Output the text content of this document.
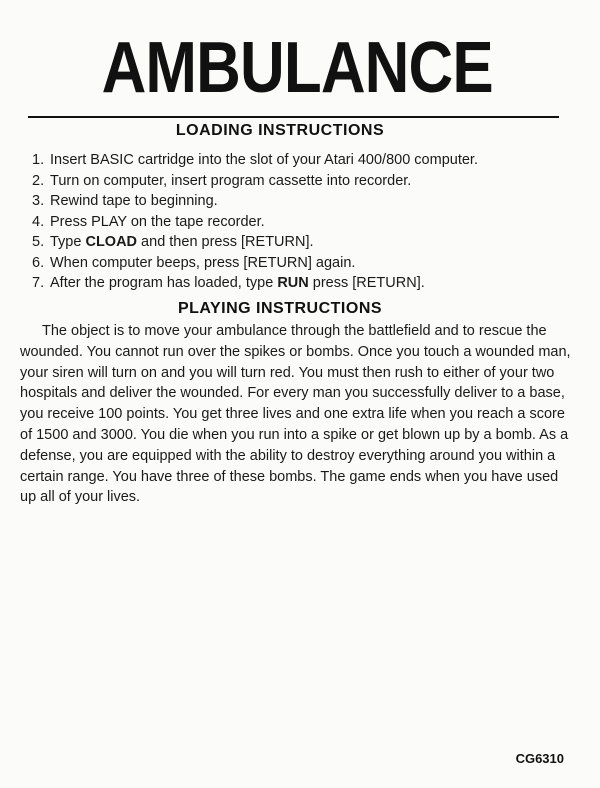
AMBULANCE
LOADING INSTRUCTIONS
1. Insert BASIC cartridge into the slot of your Atari 400/800 computer.
2. Turn on computer, insert program cassette into recorder.
3. Rewind tape to beginning.
4. Press PLAY on the tape recorder.
5. Type CLOAD and then press [RETURN].
6. When computer beeps, press [RETURN] again.
7. After the program has loaded, type RUN press [RETURN].
PLAYING INSTRUCTIONS

The object is to move your ambulance through the battlefield and to rescue the wounded. You cannot run over the spikes or bombs. Once you touch a wounded man, your siren will turn on and you will turn red. You must then rush to either of your two hospitals and deliver the wounded. For every man you successfully deliver to a base, you receive 100 points. You get three lives and one extra life when you reach a score of 1500 and 3000. You die when you run into a spike or get blown up by a bomb. As a defense, you are equipped with the ability to destroy everything around you within a certain range. You have three of these bombs. The game ends when you have used up all of your lives.

CG6310
